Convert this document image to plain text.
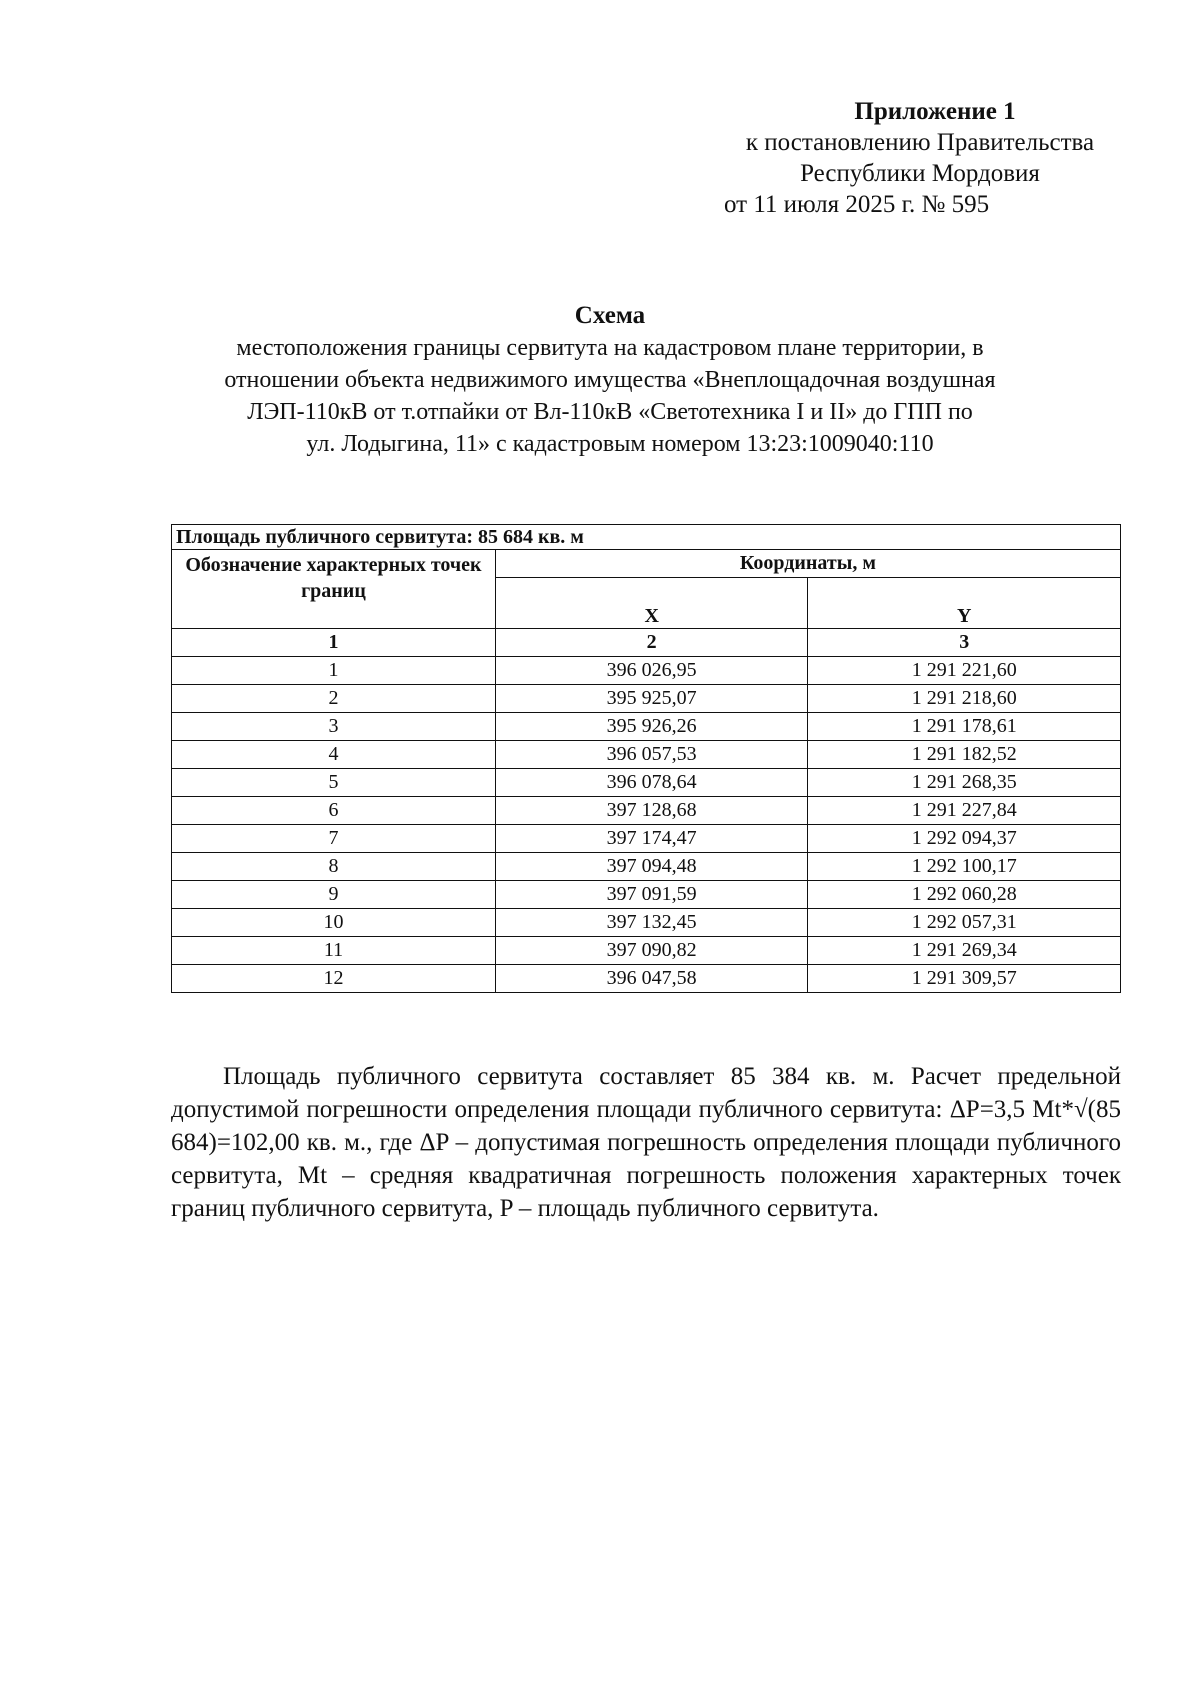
Приложение 1
к постановлению Правительства
Республики Мордовия
от 11 июля 2025 г. № 595
Схема
местоположения границы сервитута на кадастровом плане территории, в
отношении объекта недвижимого имущества «Внеплощадочная воздушная
ЛЭП-110кВ от т.отпайки от Вл-110кВ «Светотехника I и II» до ГПП по
ул. Лодыгина, 11» с кадастровым номером 13:23:1009040:110
Площадь публичного сервитута: 85 684 кв. м		
Обозначение характерных точек границ	Координаты, м	
	X	Y
1	2	3
1	396 026,95	1 291 221,60
2	395 925,07	1 291 218,60
3	395 926,26	1 291 178,61
4	396 057,53	1 291 182,52
5	396 078,64	1 291 268,35
6	397 128,68	1 291 227,84
7	397 174,47	1 292 094,37
8	397 094,48	1 292 100,17
9	397 091,59	1 292 060,28
10	397 132,45	1 292 057,31
11	397 090,82	1 291 269,34
12	396 047,58	1 291 309,57
Площадь публичного сервитута составляет 85 384 кв. м. Расчет предельной допустимой погрешности определения площади публичного сервитута: ΔP=3,5 Mt*√(85 684)=102,00 кв. м., где ΔP – допустимая погрешность определения площади публичного сервитута, Mt – средняя квадратичная погрешность положения характерных точек границ публичного сервитута, P – площадь публичного сервитута.
